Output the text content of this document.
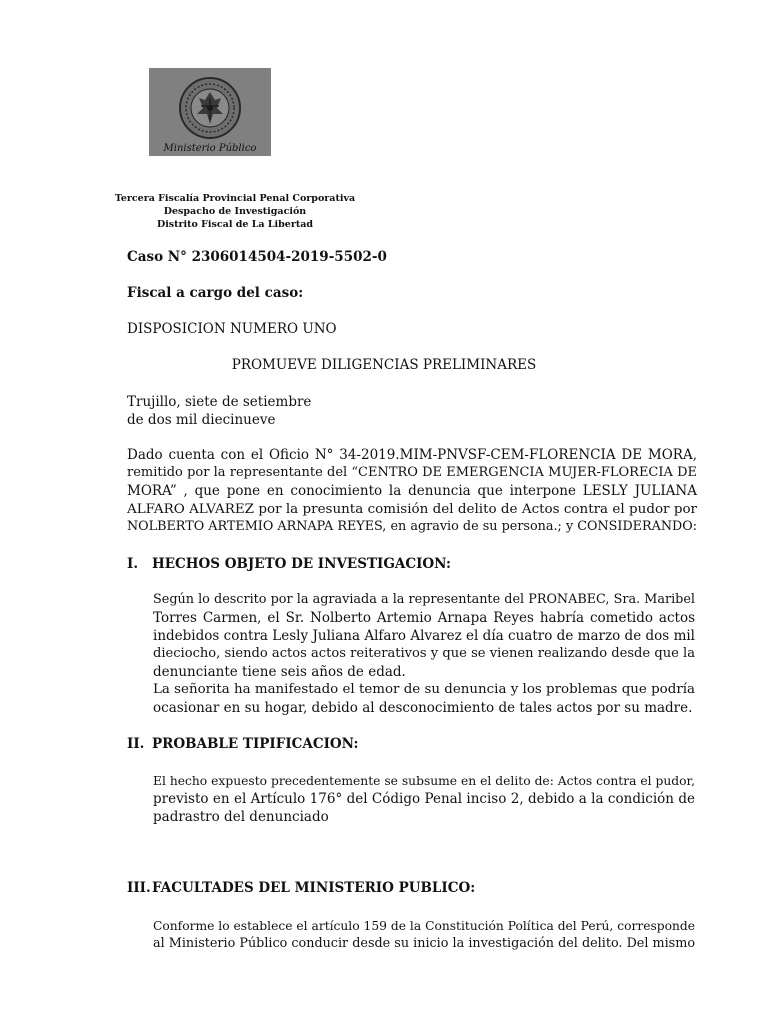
Ministerio Público
Tercera Fiscalía Provincial Penal Corporativa
Despacho de Investigación
Distrito Fiscal de La Libertad
Caso N° 2306014504-2019-5502-0
Fiscal a cargo del caso:
DISPOSICION NUMERO UNO
PROMUEVE DILIGENCIAS PRELIMINARES
Trujillo, siete de setiembre
de dos mil diecinueve
Dado cuenta con el Oficio N° 34-2019.MIM-PNVSF-CEM-FLORENCIA DE MORA,
remitido por la representante del “CENTRO DE EMERGENCIA MUJER-FLORECIA DE
MORA” , que pone en conocimiento la denuncia que interpone LESLY JULIANA
ALFARO ALVAREZ por la presunta comisión del delito de Actos contra el pudor por
NOLBERTO ARTEMIO ARNAPA REYES, en agravio de su persona.; y CONSIDERANDO:
I. HECHOS OBJETO DE INVESTIGACION:
Según lo descrito por la agraviada a la representante del PRONABEC, Sra. Maribel
Torres Carmen, el Sr. Nolberto Artemio Arnapa Reyes habría cometido actos
indebidos contra Lesly Juliana Alfaro Alvarez el día cuatro de marzo de dos mil
dieciocho, siendo actos actos reiterativos y que se vienen realizando desde que la
denunciante tiene seis años de edad.
La señorita ha manifestado el temor de su denuncia y los problemas que podría
ocasionar en su hogar, debido al desconocimiento de tales actos por su madre.
II. PROBABLE TIPIFICACION:
El hecho expuesto precedentemente se subsume en el delito de: Actos contra el pudor,
previsto en el Artículo 176° del Código Penal inciso 2, debido a la condición de
padrastro del denunciado
III.FACULTADES DEL MINISTERIO PUBLICO:
Conforme lo establece el artículo 159 de la Constitución Política del Perú, corresponde
al Ministerio Público conducir desde su inicio la investigación del delito. Del mismo
